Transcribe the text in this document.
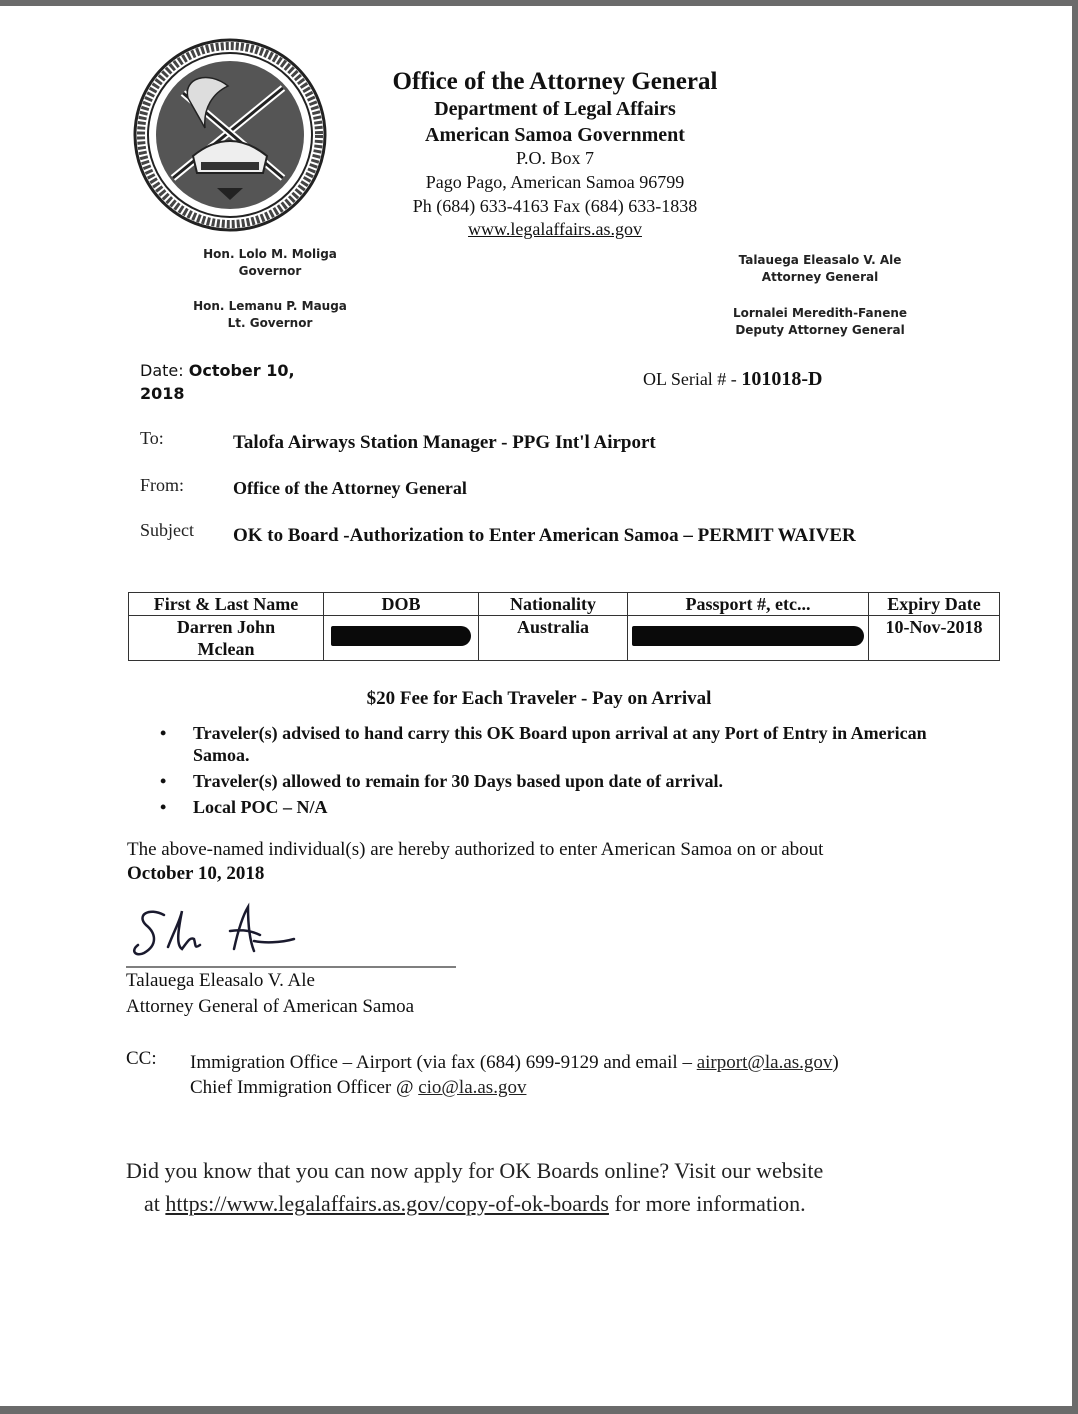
Office of the Attorney General
Department of Legal Affairs
American Samoa Government
P.O. Box 7
Pago Pago, American Samoa 96799
Ph (684) 633-4163 Fax (684) 633-1838
www.legalaffairs.as.gov
Hon. Lolo M. Moliga
Governor
Hon. Lemanu P. Mauga
Lt. Governor
Talauega Eleasalo V. Ale
Attorney General
Lornalei Meredith-Fanene
Deputy Attorney General
Date: October 10,
2018
OL Serial # - 101018-D
To:	Talofa Airways Station Manager - PPG Int'l Airport
From:	Office of the Attorney General
Subject OK to Board -Authorization to Enter American Samoa – PERMIT WAIVER
First & Last Name	DOB	Nationality	Passport #, etc...	Expiry Date

Darren John
Mclean		Australia		10-Nov-2018
$20 Fee for Each Traveler - Pay on Arrival
• Traveler(s) advised to hand carry this OK Board upon arrival at any Port of Entry in American Samoa.
• Traveler(s) allowed to remain for 30 Days based upon date of arrival.
• Local POC – N/A
The above-named individual(s) are hereby authorized to enter American Samoa on or about
October 10, 2018
Talauega Eleasalo V. Ale
Attorney General of American Samoa
CC: Immigration Office – Airport (via fax (684) 699-9129 and email – airport@la.as.gov)
Chief Immigration Officer @ cio@la.as.gov
Did you know that you can now apply for OK Boards online? Visit our website
at https://www.legalaffairs.as.gov/copy-of-ok-boards for more information.
